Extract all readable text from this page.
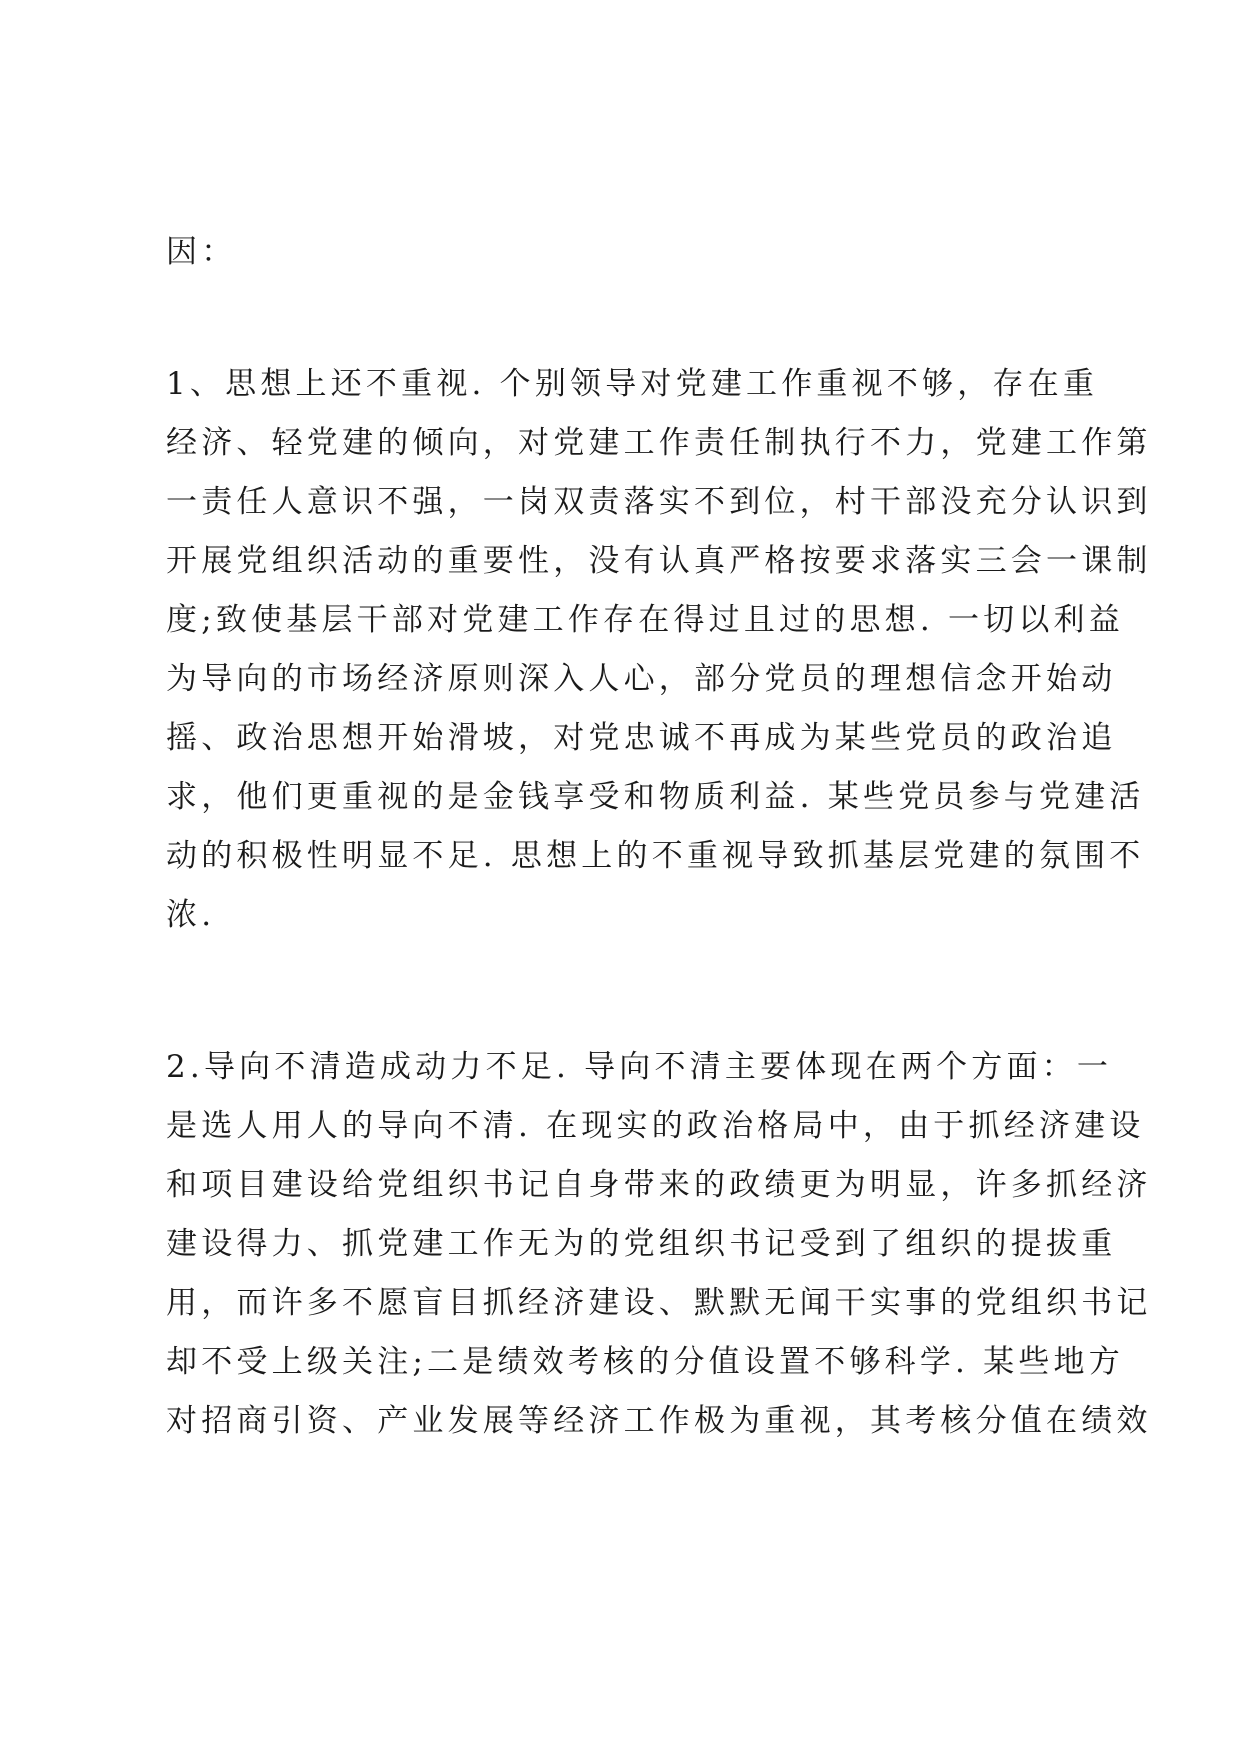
因：

1、思想上还不重视. 个别领导对党建工作重视不够，存在重
经济、轻党建的倾向，对党建工作责任制执行不力，党建工作第
一责任人意识不强，一岗双责落实不到位，村干部没充分认识到
开展党组织活动的重要性，没有认真严格按要求落实三会一课制
度;致使基层干部对党建工作存在得过且过的思想. 一切以利益
为导向的市场经济原则深入人心，部分党员的理想信念开始动
摇、政治思想开始滑坡，对党忠诚不再成为某些党员的政治追
求，他们更重视的是金钱享受和物质利益. 某些党员参与党建活
动的积极性明显不足. 思想上的不重视导致抓基层党建的氛围不
浓.

2.导向不清造成动力不足. 导向不清主要体现在两个方面：一
是选人用人的导向不清. 在现实的政治格局中，由于抓经济建设
和项目建设给党组织书记自身带来的政绩更为明显，许多抓经济
建设得力、抓党建工作无为的党组织书记受到了组织的提拔重
用，而许多不愿盲目抓经济建设、默默无闻干实事的党组织书记
却不受上级关注;二是绩效考核的分值设置不够科学. 某些地方
对招商引资、产业发展等经济工作极为重视，其考核分值在绩效
